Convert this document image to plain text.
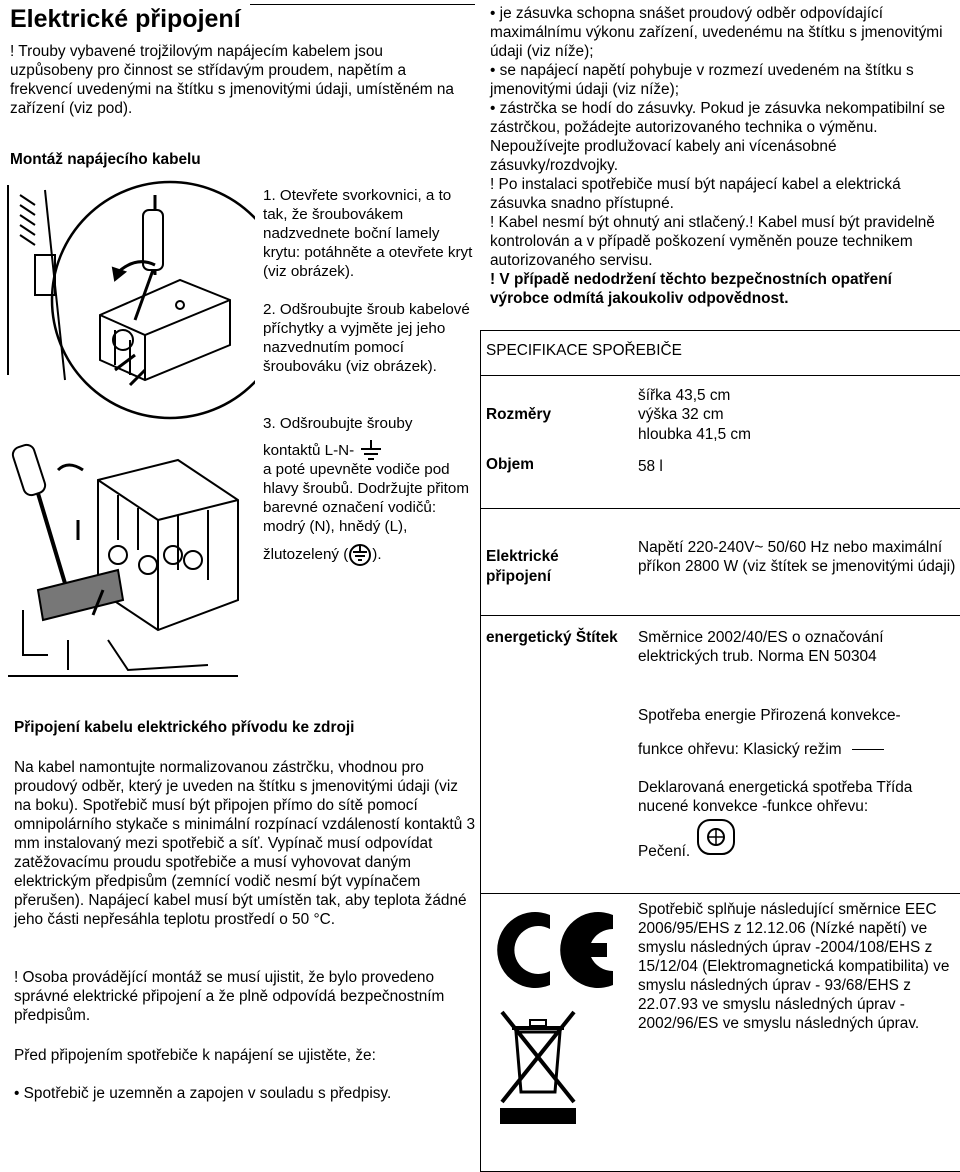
Elektrické připojení

! Trouby vybavené trojžilovým napájecím kabelem jsou uzpůsobeny pro činnost se střídavým proudem, napětím a frekvencí uvedenými na štítku s jmenovitými údaji, umístěném na zařízení (viz pod).

Montáž napájecího kabelu

1. Otevřete svorkovnici, a to tak, že šroubovákem nadzvednete boční lamely krytu: potáhněte a otevřete kryt (viz obrázek).

2. Odšroubujte šroub kabelové příchytky a vyjměte jej jeho nazvednutím pomocí šroubováku (viz obrázek).

3. Odšroubujte šrouby

kontaktů L-N-

a poté upevněte vodiče pod hlavy šroubů. Dodržujte přitom barevné označení vodičů: modrý (N), hnědý (L),

žlutozelený ( ).

Připojení kabelu elektrického přívodu ke zdroji

Na kabel namontujte normalizovanou zástrčku, vhodnou pro proudový odběr, který je uveden na štítku s jmenovitými údaji (viz na boku). Spotřebič musí být připojen přímo do sítě pomocí omnipolárního stykače s minimální rozpínací vzdáleností kontaktů 3 mm instalovaný mezi spotřebič a síť. Vypínač musí odpovídat zatěžovacímu proudu spotřebiče a musí vyhovovat daným elektrickým předpisům (zemnící vodič nesmí být vypínačem přerušen). Napájecí kabel musí být umístěn tak, aby teplota žádné jeho části nepřesáhla teplotu prostředí o 50 °C.

! Osoba provádějící montáž se musí ujistit, že bylo provedeno správné elektrické připojení a že plně odpovídá bezpečnostním předpisům.

Před připojením spotřebiče k napájení se ujistěte, že:

• Spotřebič je uzemněn a zapojen v souladu s předpisy.

• je zásuvka schopna snášet proudový odběr odpovídající maximálnímu výkonu zařízení, uvedenému na štítku s jmenovitými údaji (viz níže);

• se napájecí napětí pohybuje v rozmezí uvedeném na štítku s jmenovitými údaji (viz níže);

• zástrčka se hodí do zásuvky. Pokud je zásuvka nekompatibilní se zástrčkou, požádejte autorizovaného technika o výměnu. Nepoužívejte prodlužovací kabely ani vícenásobné zásuvky/rozdvojky.

! Po instalaci spotřebiče musí být napájecí kabel a elektrická zásuvka snadno přístupné.

! Kabel nesmí být ohnutý ani stlačený.! Kabel musí být pravidelně kontrolován a v případě poškození vyměněn pouze technikem autorizovaného servisu.

! V případě nedodržení těchto bezpečnostních opatření výrobce odmítá jakoukoliv odpovědnost.

SPECIFIKACE SPOŘEBIČE

Rozměry

šířka 43,5 cm

výška 32 cm

hloubka 41,5 cm

Objem	58 l

Elektrické

připojení

Napětí 220-240V~ 50/60 Hz nebo maximální příkon 2800 W (viz štítek se jmenovitými údaji)

energetický Štítek Směrnice 2002/40/ES o označování elektrických trub. Norma EN 50304

Spotřeba energie Přirozená konvekce-

funkce ohřevu: Klasický režim

Deklarovaná energetická spotřeba Třída nucené konvekce -funkce ohřevu:

Pečení.

Spotřebič splňuje následující směrnice EEC 2006/95/EHS z 12.12.06 (Nízké napětí) ve smyslu následných úprav -2004/108/EHS z 15/12/04 (Elektromagnetická kompatibilita) ve smyslu následných úprav - 93/68/EHS z 22.07.93 ve smyslu následných úprav - 2002/96/ES ve smyslu následných úprav.
